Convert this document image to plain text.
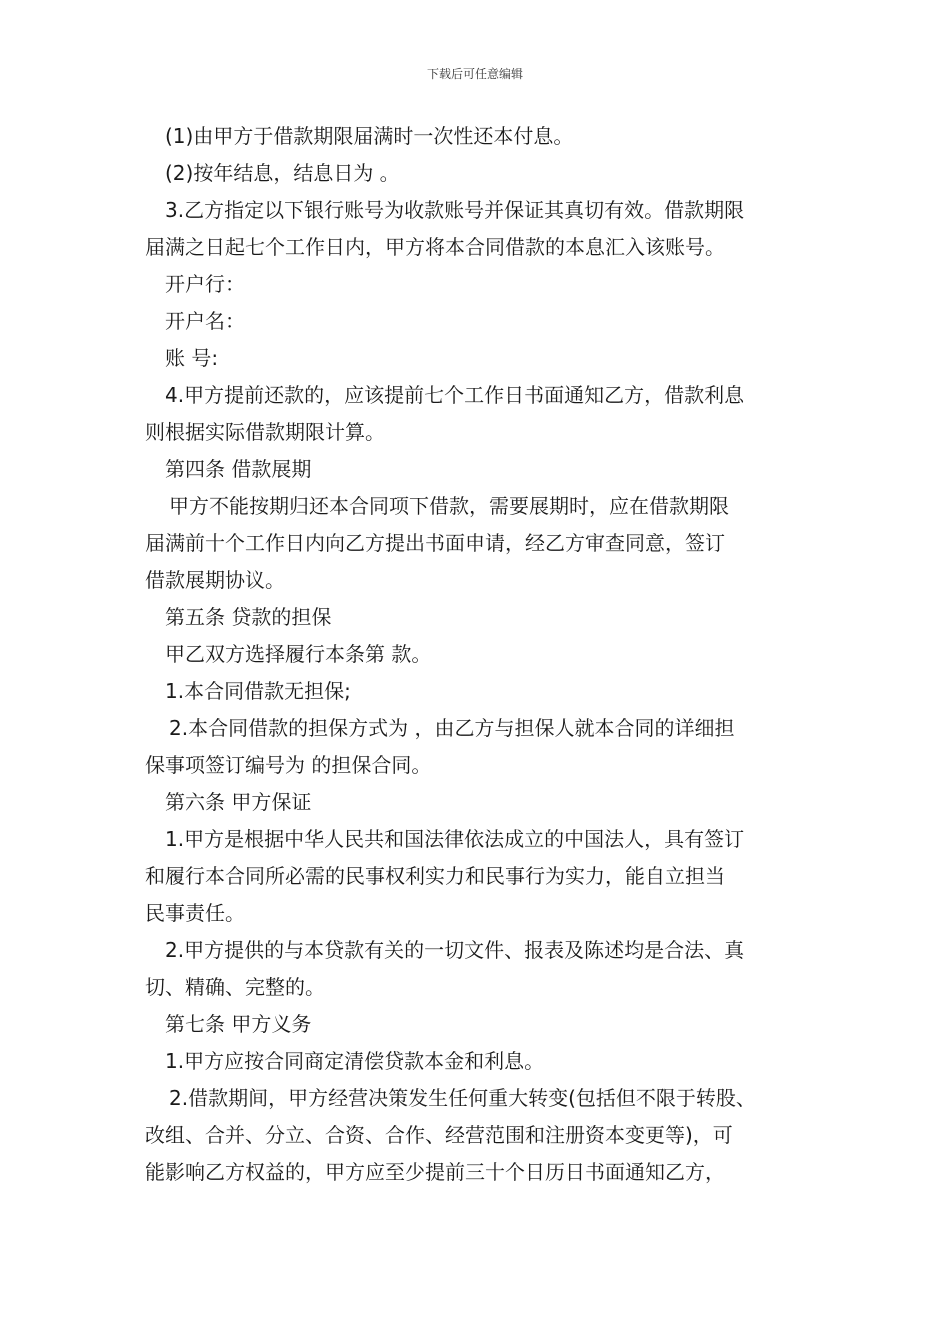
下载后可任意编辑
(1)由甲方于借款期限届满时一次性还本付息。
(2)按年结息，结息日为 。
3.乙方指定以下银行账号为收款账号并保证其真切有效。借款期限
届满之日起七个工作日内，甲方将本合同借款的本息汇入该账号。
开户行：
开户名：
账 号:
4.甲方提前还款的，应该提前七个工作日书面通知乙方，借款利息
则根据实际借款期限计算。
第四条 借款展期
甲方不能按期归还本合同项下借款，需要展期时，应在借款期限
届满前十个工作日内向乙方提出书面申请，经乙方审查同意，签订
借款展期协议。
第五条 贷款的担保
甲乙双方选择履行本条第 款。
1.本合同借款无担保;
2.本合同借款的担保方式为 ，由乙方与担保人就本合同的详细担
保事项签订编号为 的担保合同。
第六条 甲方保证
1.甲方是根据中华人民共和国法律依法成立的中国法人，具有签订
和履行本合同所必需的民事权利实力和民事行为实力，能自立担当
民事责任。
2.甲方提供的与本贷款有关的一切文件、报表及陈述均是合法、真
切、精确、完整的。
第七条 甲方义务
1.甲方应按合同商定清偿贷款本金和利息。
2.借款期间，甲方经营决策发生任何重大转变(包括但不限于转股、
改组、合并、分立、合资、合作、经营范围和注册资本变更等)，可
能影响乙方权益的，甲方应至少提前三十个日历日书面通知乙方，
